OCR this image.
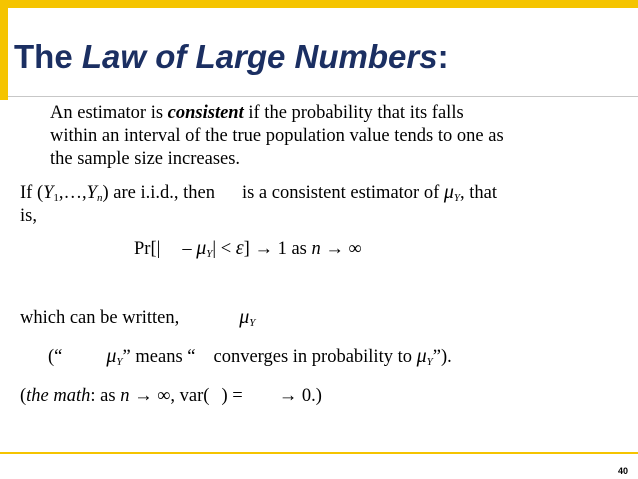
The Law of Large Numbers:
An estimator is consistent if the probability that its falls
within an interval of the true population value tends to one as
the sample size increases.
If $(Y_1,\dots,Y_n)$ are i.i.d., then is a consistent estimator of $\mu_Y$, that
is,
$Pr[| - \mu_Y| < \varepsilon] \to 1$ as n → ∞
which can be written,	$\mu_Y$
(“ $\mu_Y$” means “ converges in probability to $\mu_Y$”).
(the math: as n → ∞, var( ) = → 0.)
40
